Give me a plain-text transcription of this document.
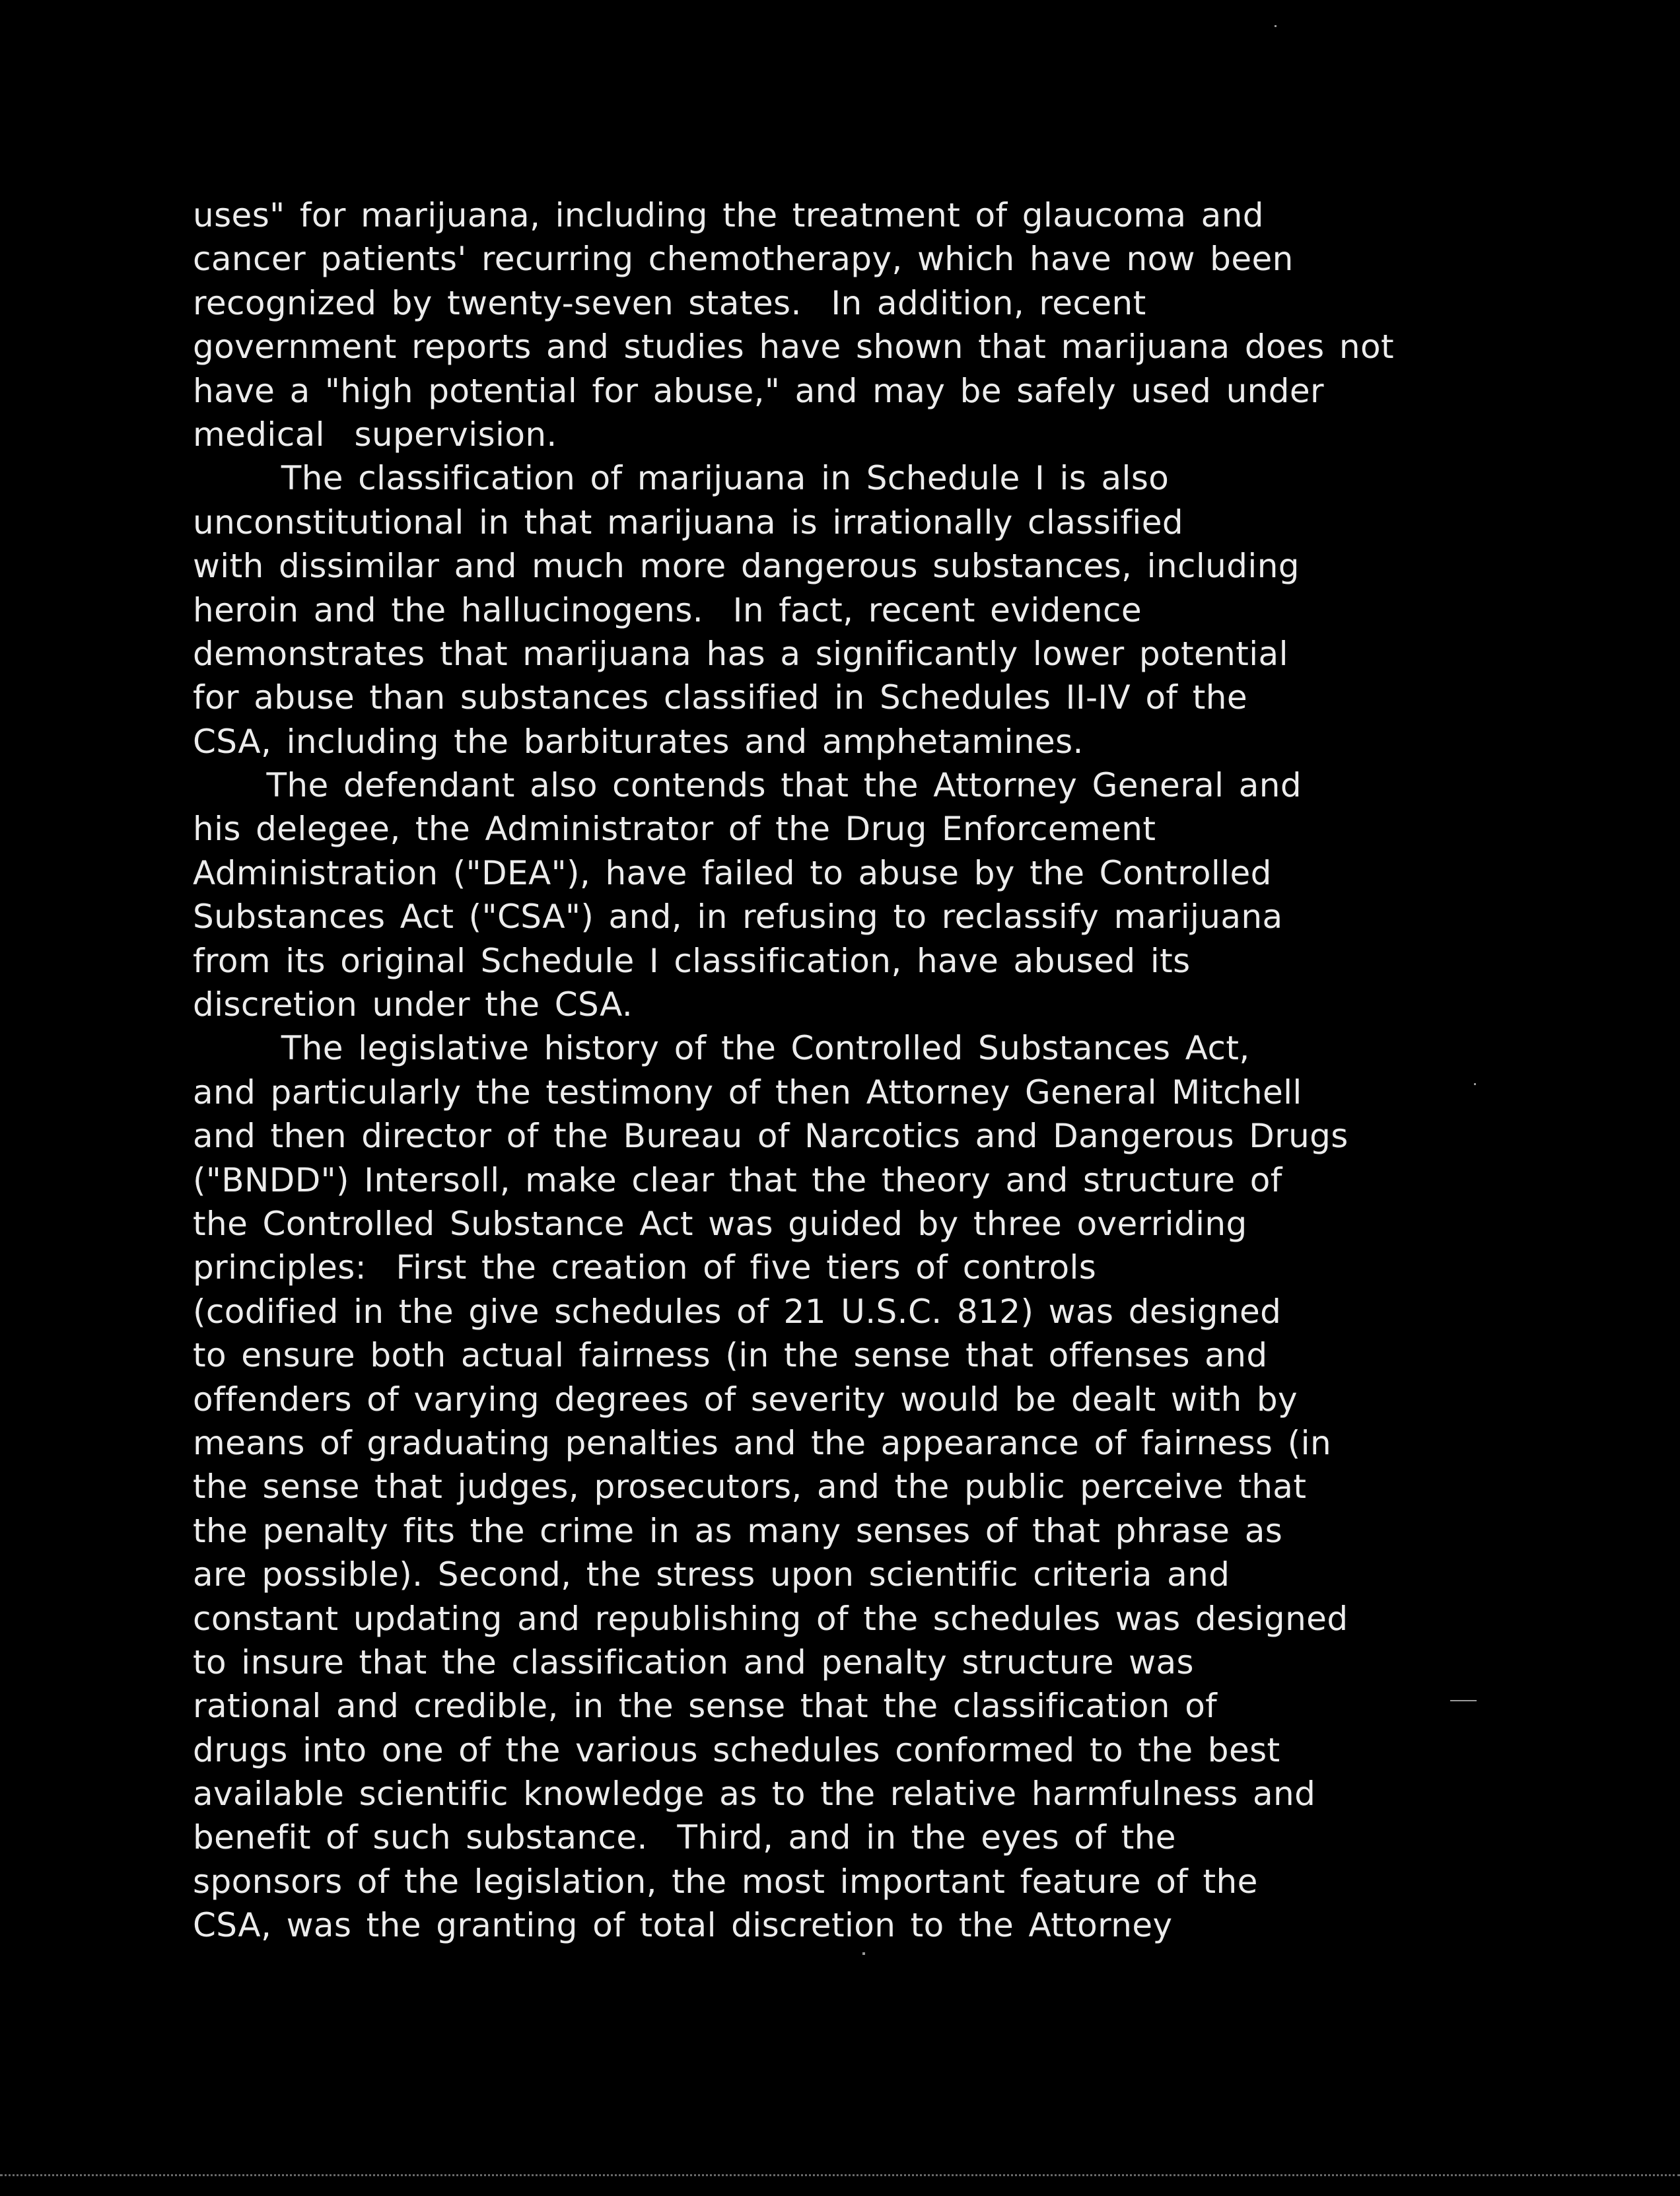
uses" for marijuana, including the treatment of glaucoma and
cancer patients' recurring chemotherapy, which have now been
recognized by twenty-seven states.  In addition, recent
government reports and studies have shown that marijuana does not
have a "high potential for abuse," and may be safely used under
medical  supervision.
The classification of marijuana in Schedule I is also
unconstitutional in that marijuana is irrationally classified
with dissimilar and much more dangerous substances, including
heroin and the hallucinogens.  In fact, recent evidence
demonstrates that marijuana has a significantly lower potential
for abuse than substances classified in Schedules II-IV of the
CSA, including the barbiturates and amphetamines.
The defendant also contends that the Attorney General and
his delegee, the Administrator of the Drug Enforcement
Administration ("DEA"), have failed to abuse by the Controlled
Substances Act ("CSA") and, in refusing to reclassify marijuana
from its original Schedule I classification, have abused its
discretion under the CSA.
The legislative history of the Controlled Substances Act,
and particularly the testimony of then Attorney General Mitchell
and then director of the Bureau of Narcotics and Dangerous Drugs
("BNDD") Intersoll, make clear that the theory and structure of
the Controlled Substance Act was guided by three overriding
principles:  First the creation of five tiers of controls
(codified in the give schedules of 21 U.S.C. 812) was designed
to ensure both actual fairness (in the sense that offenses and
offenders of varying degrees of severity would be dealt with by
means of graduating penalties and the appearance of fairness (in
the sense that judges, prosecutors, and the public perceive that
the penalty fits the crime in as many senses of that phrase as
are possible). Second, the stress upon scientific criteria and
constant updating and republishing of the schedules was designed
to insure that the classification and penalty structure was
rational and credible, in the sense that the classification of
drugs into one of the various schedules conformed to the best
available scientific knowledge as to the relative harmfulness and
benefit of such substance.  Third, and in the eyes of the
sponsors of the legislation, the most important feature of the
CSA, was the granting of total discretion to the Attorney
